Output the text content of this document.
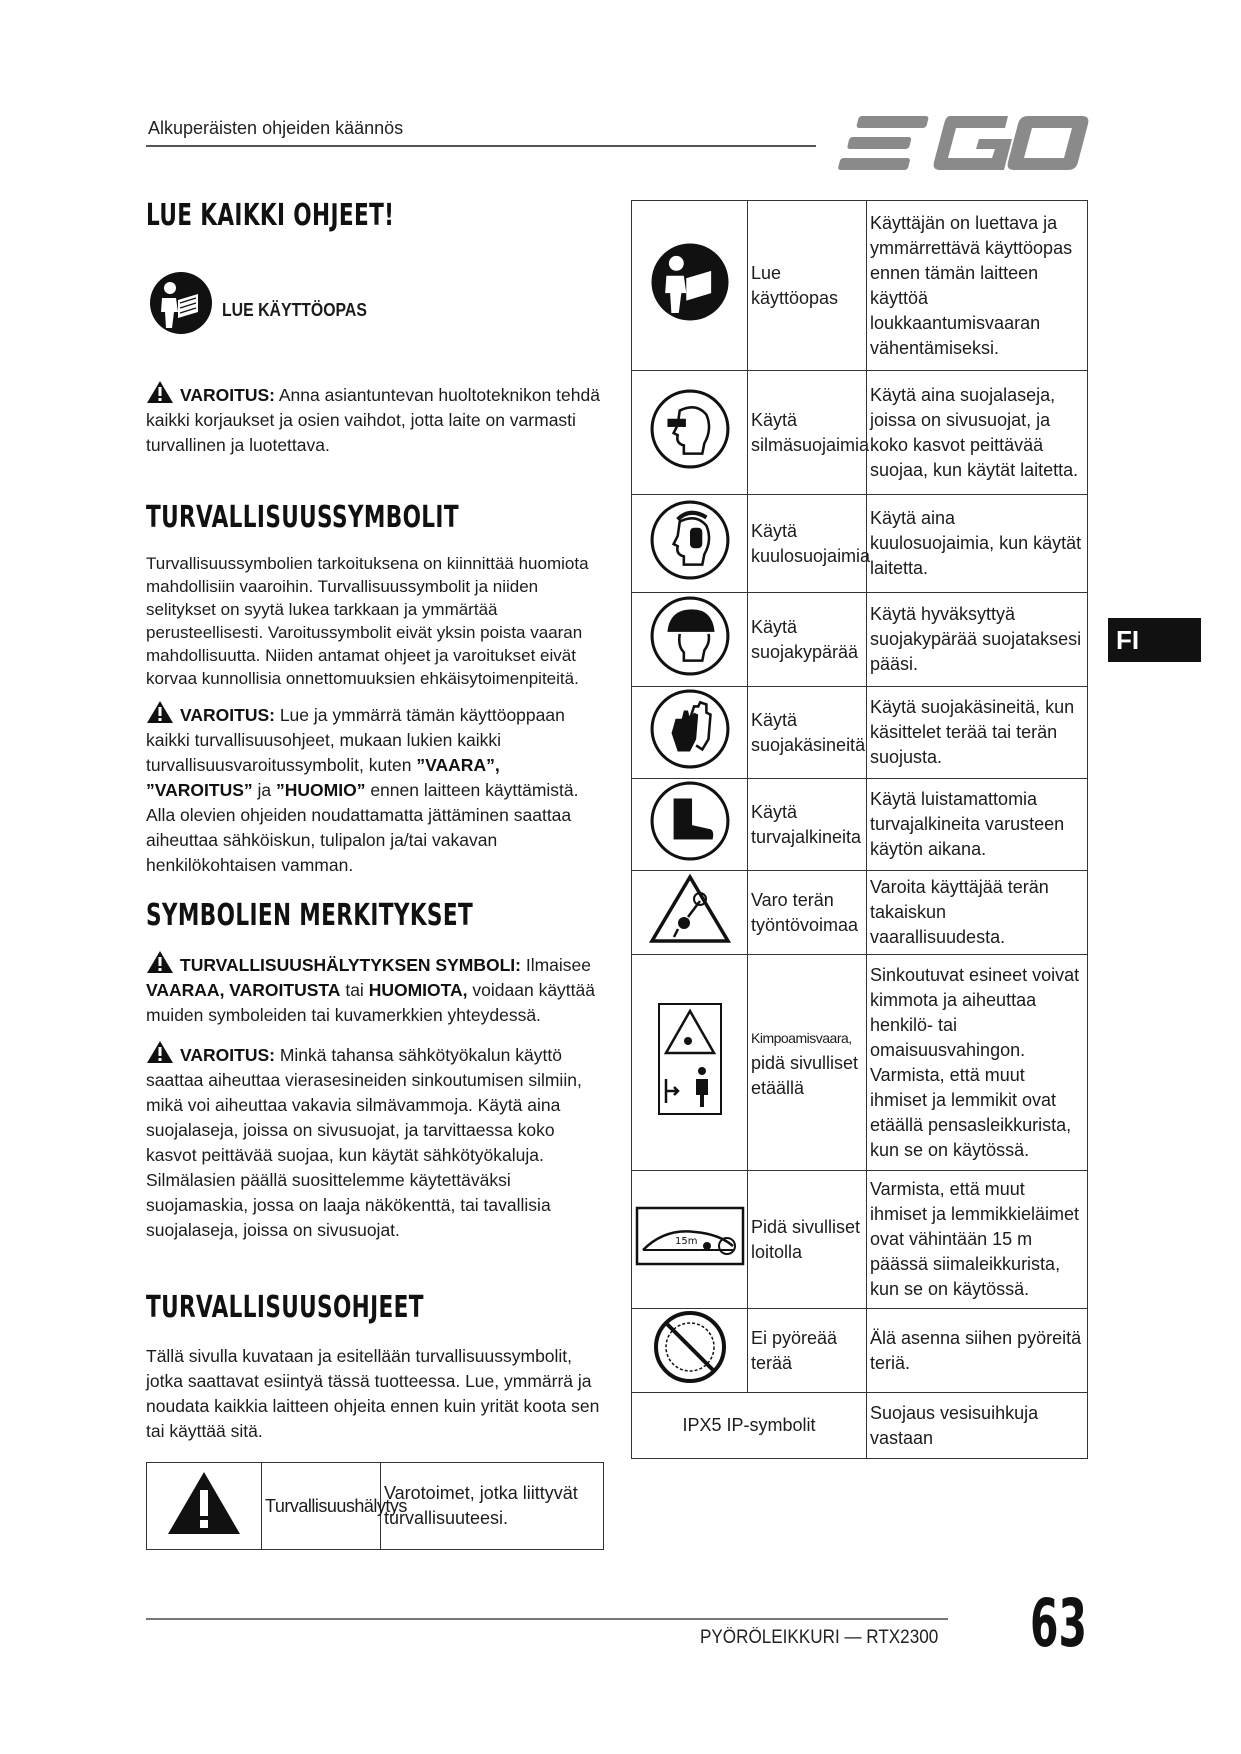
Alkuperäisten ohjeiden käännös
EGO
LUE KAIKKI OHJEET!
LUE KÄYTTÖOPAS
VAROITUS: Anna asiantuntevan huoltoteknikon tehdä kaikki korjaukset ja osien vaihdot, jotta laite on varmasti turvallinen ja luotettava.
TURVALLISUUSSYMBOLIT
Turvallisuussymbolien tarkoituksena on kiinnittää huomiota mahdollisiin vaaroihin. Turvallisuussymbolit ja niiden selitykset on syytä lukea tarkkaan ja ymmärtää perusteellisesti. Varoitussymbolit eivät yksin poista vaaran mahdollisuutta. Niiden antamat ohjeet ja varoitukset eivät korvaa kunnollisia onnettomuuksien ehkäisytoimenpiteitä.
VAROITUS: Lue ja ymmärrä tämän käyttöoppaan kaikki turvallisuusohjeet, mukaan lukien kaikki turvallisuusvaroitussymbolit, kuten ”VAARA”, ”VAROITUS” ja ”HUOMIO” ennen laitteen käyttämistä. Alla olevien ohjeiden noudattamatta jättäminen saattaa aiheuttaa sähköiskun, tulipalon ja/tai vakavan henkilökohtaisen vamman.
SYMBOLIEN MERKITYKSET
TURVALLISUUSHÄLYTYKSEN SYMBOLI: Ilmaisee VAARAA, VAROITUSTA tai HUOMIOTA, voidaan käyttää muiden symboleiden tai kuvamerkkien yhteydessä.
VAROITUS: Minkä tahansa sähkötyökalun käyttö saattaa aiheuttaa vierasesineiden sinkoutumisen silmiin, mikä voi aiheuttaa vakavia silmävammoja. Käytä aina suojalaseja, joissa on sivusuojat, ja tarvittaessa koko kasvot peittävää suojaa, kun käytät sähkötyökaluja. Silmälasien päällä suosittelemme käytettäväksi suojamaskia, jossa on laaja näkökenttä, tai tavallisia suojalaseja, joissa on sivusuojat.
TURVALLISUUSOHJEET
Tällä sivulla kuvataan ja esitellään turvallisuussymbolit, jotka saattavat esiintyä tässä tuotteessa. Lue, ymmärrä ja noudata kaikkia laitteen ohjeita ennen kuin yrität koota sen tai käyttää sitä.
	Turvallisuushälytys	Varotoimet, jotka liittyvät turvallisuuteesi.
	Lue käyttöopas	Käyttäjän on luettava ja ymmärrettävä käyttöopas ennen tämän laitteen käyttöä loukkaantumisvaaran vähentämiseksi.
	Käytä silmäsuojaimia	Käytä aina suojalaseja, joissa on sivusuojat, ja koko kasvot peittävää suojaa, kun käytät laitetta.
	Käytä kuulosuojaimia	Käytä aina kuulosuojaimia, kun käytät laitetta.
	Käytä suojakypärää	Käytä hyväksyttyä suojakypärää suojataksesi pääsi.
	Käytä suojakäsineitä	Käytä suojakäsineitä, kun käsittelet terää tai terän suojusta.
	Käytä turvajalkineita	Käytä luistamattomia turvajalkineita varusteen käytön aikana.
	Varo terän työntövoimaa	Varoita käyttäjää terän takaiskun vaarallisuudesta.
	Kimpoamisvaara,
pidä sivulliset etäällä	Sinkoutuvat esineet voivat kimmota ja aiheuttaa henkilö- tai omaisuusvahingon. Varmista, että muut ihmiset ja lemmikit ovat etäällä pensasleikkurista, kun se on käytössä.

15m	Pidä sivulliset loitolla	Varmista, että muut ihmiset ja lemmikkieläimet ovat vähintään 15 m päässä siimaleikkurista, kun se on käytössä.
	Ei pyöreää terää	Älä asenna siihen pyöreitä teriä.
IPX5 IP-symbolit		Suojaus vesisuihkuja vastaan
FI
PYÖRÖLEIKKURI — RTX2300 63
